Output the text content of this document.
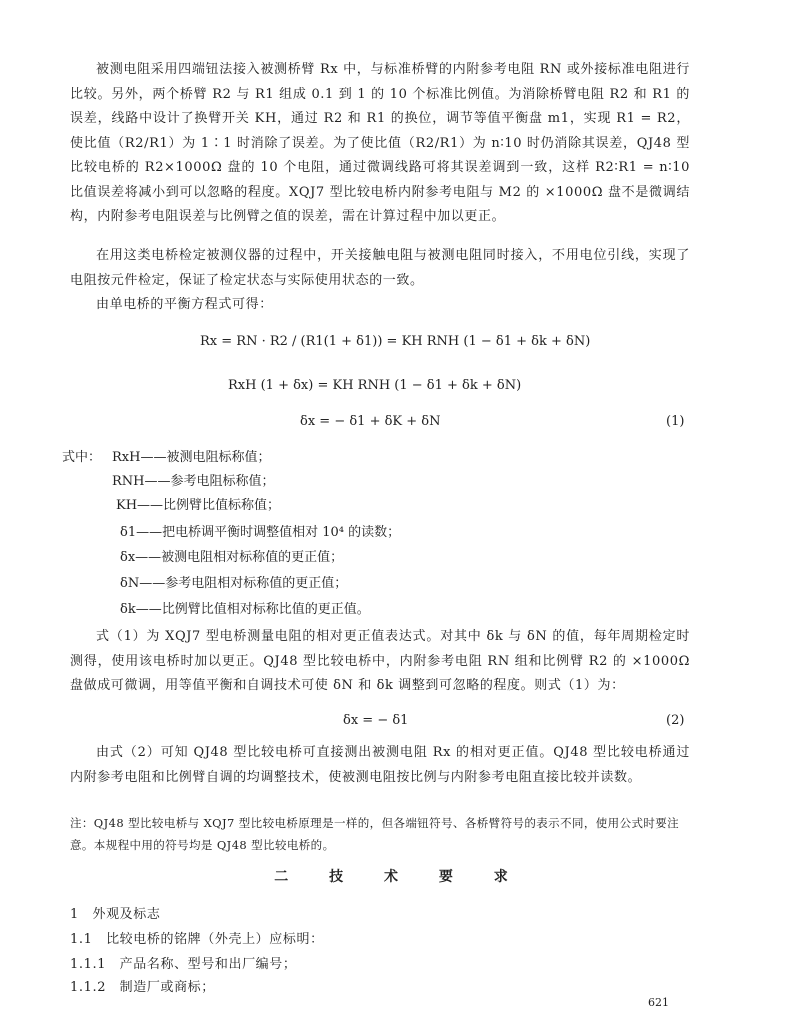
被测电阻采用四端钮法接入被测桥臂 Rx 中，与标准桥臂的内附参考电阻 RN 或外接标准电阻进行比较。另外，两个桥臂 R2 与 R1 组成 0.1 到 1 的 10 个标准比例值。为消除桥臂电阻 R2 和 R1 的误差，线路中设计了换臂开关 KH，通过 R2 和 R1 的换位，调节等值平衡盘 m1，实现 R1 = R2，使比值（R2/R1）为 1∶1 时消除了误差。为了使比值（R2/R1）为 n∶10 时仍消除其误差，QJ48 型比较电桥的 R2×1000Ω 盘的 10 个电阻，通过微调线路可将其误差调到一致，这样 R2∶R1 = n∶10 比值误差将减小到可以忽略的程度。XQJ7 型比较电桥内附参考电阻与 M2 的 ×1000Ω 盘不是微调结构，内附参考电阻误差与比例臂之值的误差，需在计算过程中加以更正。

在用这类电桥检定被测仪器的过程中，开关接触电阻与被测电阻同时接入，不用电位引线，实现了电阻按元件检定，保证了检定状态与实际使用状态的一致。

由单电桥的平衡方程式可得：

Rx = RN · R2 / (R1(1 + δ1)) = KH RNH (1 − δ1 + δk + δN)
RxH (1 + δx) = KH RNH (1 − δ1 + δk + δN)
δx = − δ1 + δK + δN	(1)
式中： RxH——被测电阻标称值；
RNH——参考电阻标称值；
KH——比例臂比值标称值；
δ1——把电桥调平衡时调整值相对 10⁴ 的读数；
δx——被测电阻相对标称值的更正值；
δN——参考电阻相对标称值的更正值；
δk——比例臂比值相对标称比值的更正值。

式（1）为 XQJ7 型电桥测量电阻的相对更正值表达式。对其中 δk 与 δN 的值，每年周期检定时测得，使用该电桥时加以更正。QJ48 型比较电桥中，内附参考电阻 RN 组和比例臂 R2 的 ×1000Ω 盘做成可微调，用等值平衡和自调技术可使 δN 和 δk 调整到可忽略的程度。则式（1）为：

δx = − δ1	(2)

由式（2）可知 QJ48 型比较电桥可直接测出被测电阻 Rx 的相对更正值。QJ48 型比较电桥通过内附参考电阻和比例臂自调的均调整技术，使被测电阻按比例与内附参考电阻直接比较并读数。

注：QJ48 型比较电桥与 XQJ7 型比较电桥原理是一样的，但各端钮符号、各桥臂符号的表示不同，使用公式时要注意。本规程中用的符号均是 QJ48 型比较电桥的。
二 技 术 要 求
1　外观及标志
1.1　比较电桥的铭牌（外壳上）应标明：
1.1.1　产品名称、型号和出厂编号；
1.1.2　制造厂或商标；
621
